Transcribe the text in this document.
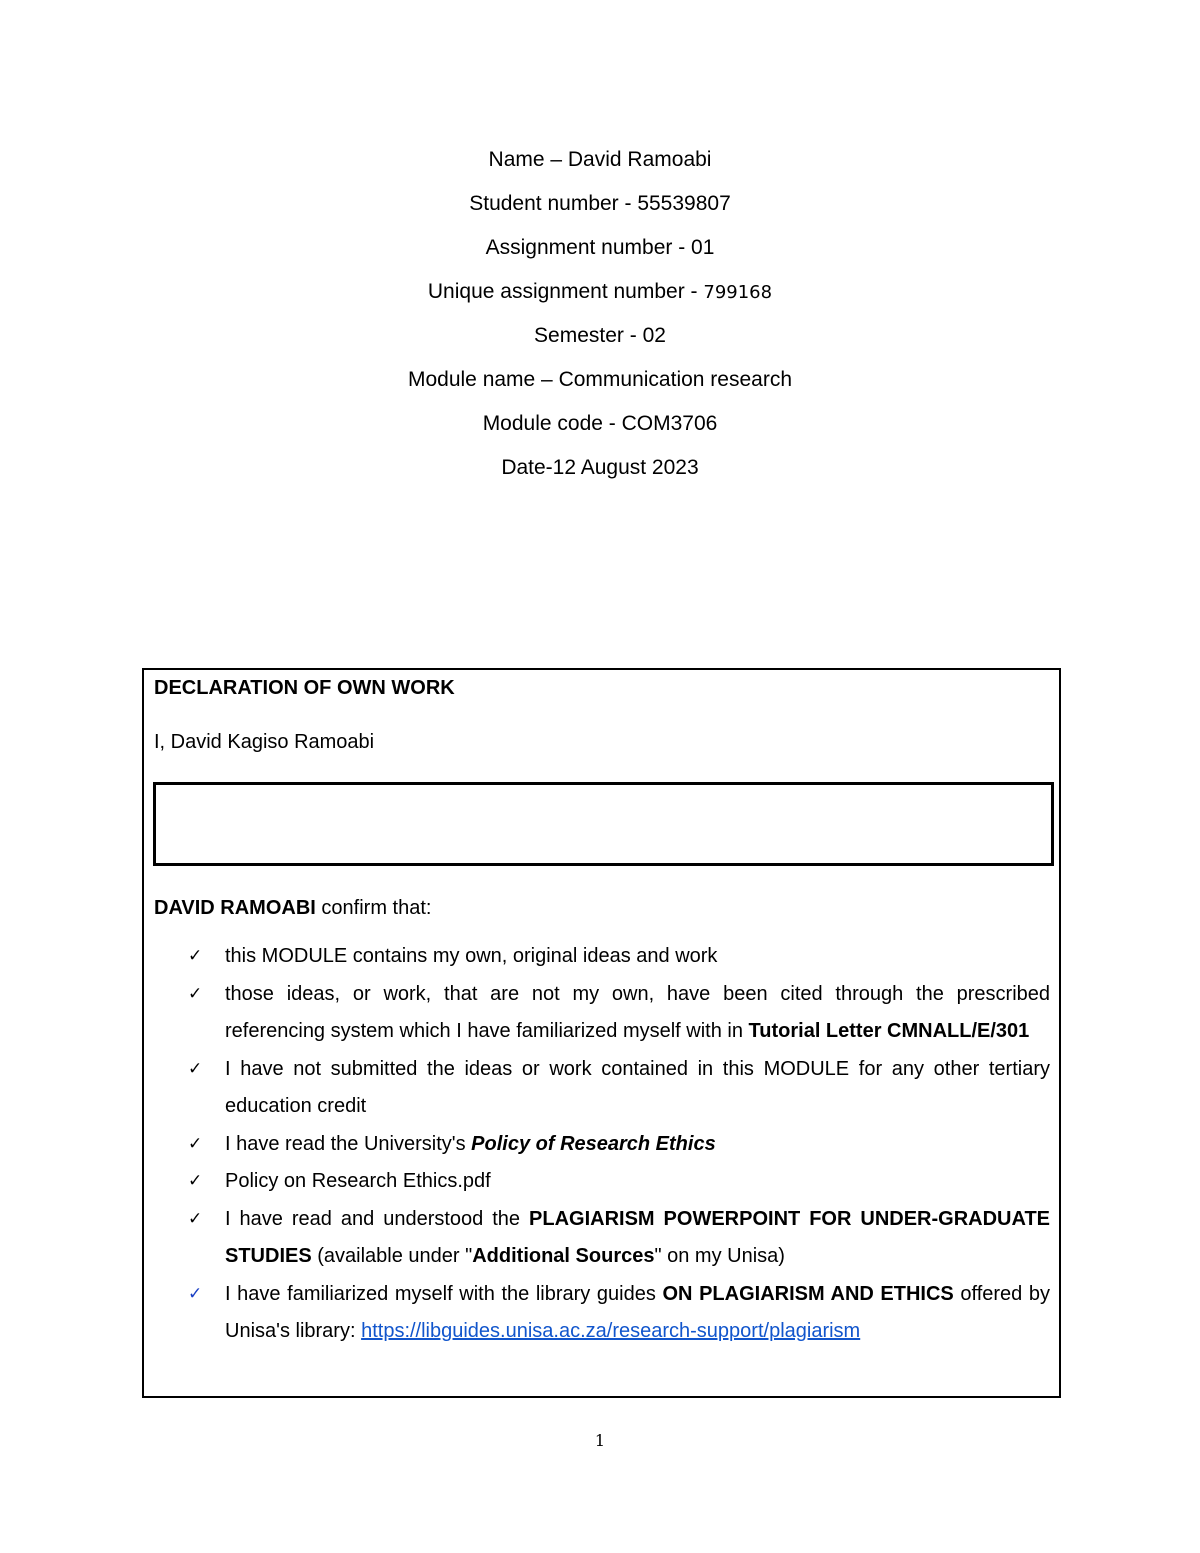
Name – David Ramoabi
Student number - 55539807
Assignment number - 01
Unique assignment number - 799168
Semester - 02
Module name – Communication research
Module code - COM3706
Date-12 August 2023
DECLARATION OF OWN WORK
I, David Kagiso Ramoabi
DAVID RAMOABI confirm that:
✓ this MODULE contains my own, original ideas and work
✓ those ideas, or work, that are not my own, have been cited through the prescribed referencing system which I have familiarized myself with in Tutorial Letter CMNALL/E/301
✓ I have not submitted the ideas or work contained in this MODULE for any other tertiary education credit
✓ I have read the University's Policy of Research Ethics
✓ Policy on Research Ethics.pdf
✓ I have read and understood the PLAGIARISM POWERPOINT FOR UNDER-GRADUATE STUDIES (available under "Additional Sources" on my Unisa)
✓ I have familiarized myself with the library guides ON PLAGIARISM AND ETHICS offered by Unisa's library: https://libguides.unisa.ac.za/research-support/plagiarism
1
